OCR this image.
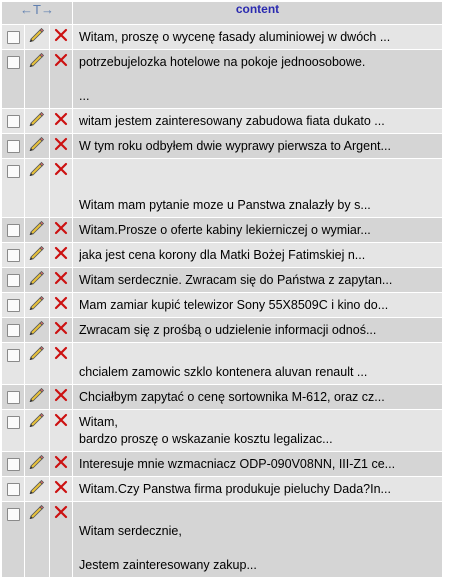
←T→			content

Witam, proszę o wycenę fasady aluminiowej w dwóch ...

potrzebujelozka hotelowe na pokoje jednoosobowe.
...

witam jestem zainteresowany zabudowa fiata dukato ...

W tym roku odbyłem dwie wyprawy pierwsza to Argent...

Witam mam pytanie moze u Panstwa znalazły by s...

Witam.Prosze o oferte kabiny lekierniczej o wymiar...

jaka jest cena korony dla Matki Bożej Fatimskiej n...

Witam serdecznie. Zwracam się do Państwa z zapytan...

Mam zamiar kupić telewizor Sony 55X8509C i kino do...

Zwracam się z prośbą o udzielenie informacji odnoś...

chcialem zamowic szklo kontenera aluvan renault ...

Chciałbym zapytać o cenę sortownika M-612, oraz cz...

Witam,
bardzo proszę o wskazanie kosztu legalizac...

Interesuje mnie wzmacniacz ODP-090V08NN, III-Z1 ce...

Witam.Czy Panstwa firma produkuje pieluchy Dada?In...

Witam serdecznie,
Jestem zainteresowany zakup...
